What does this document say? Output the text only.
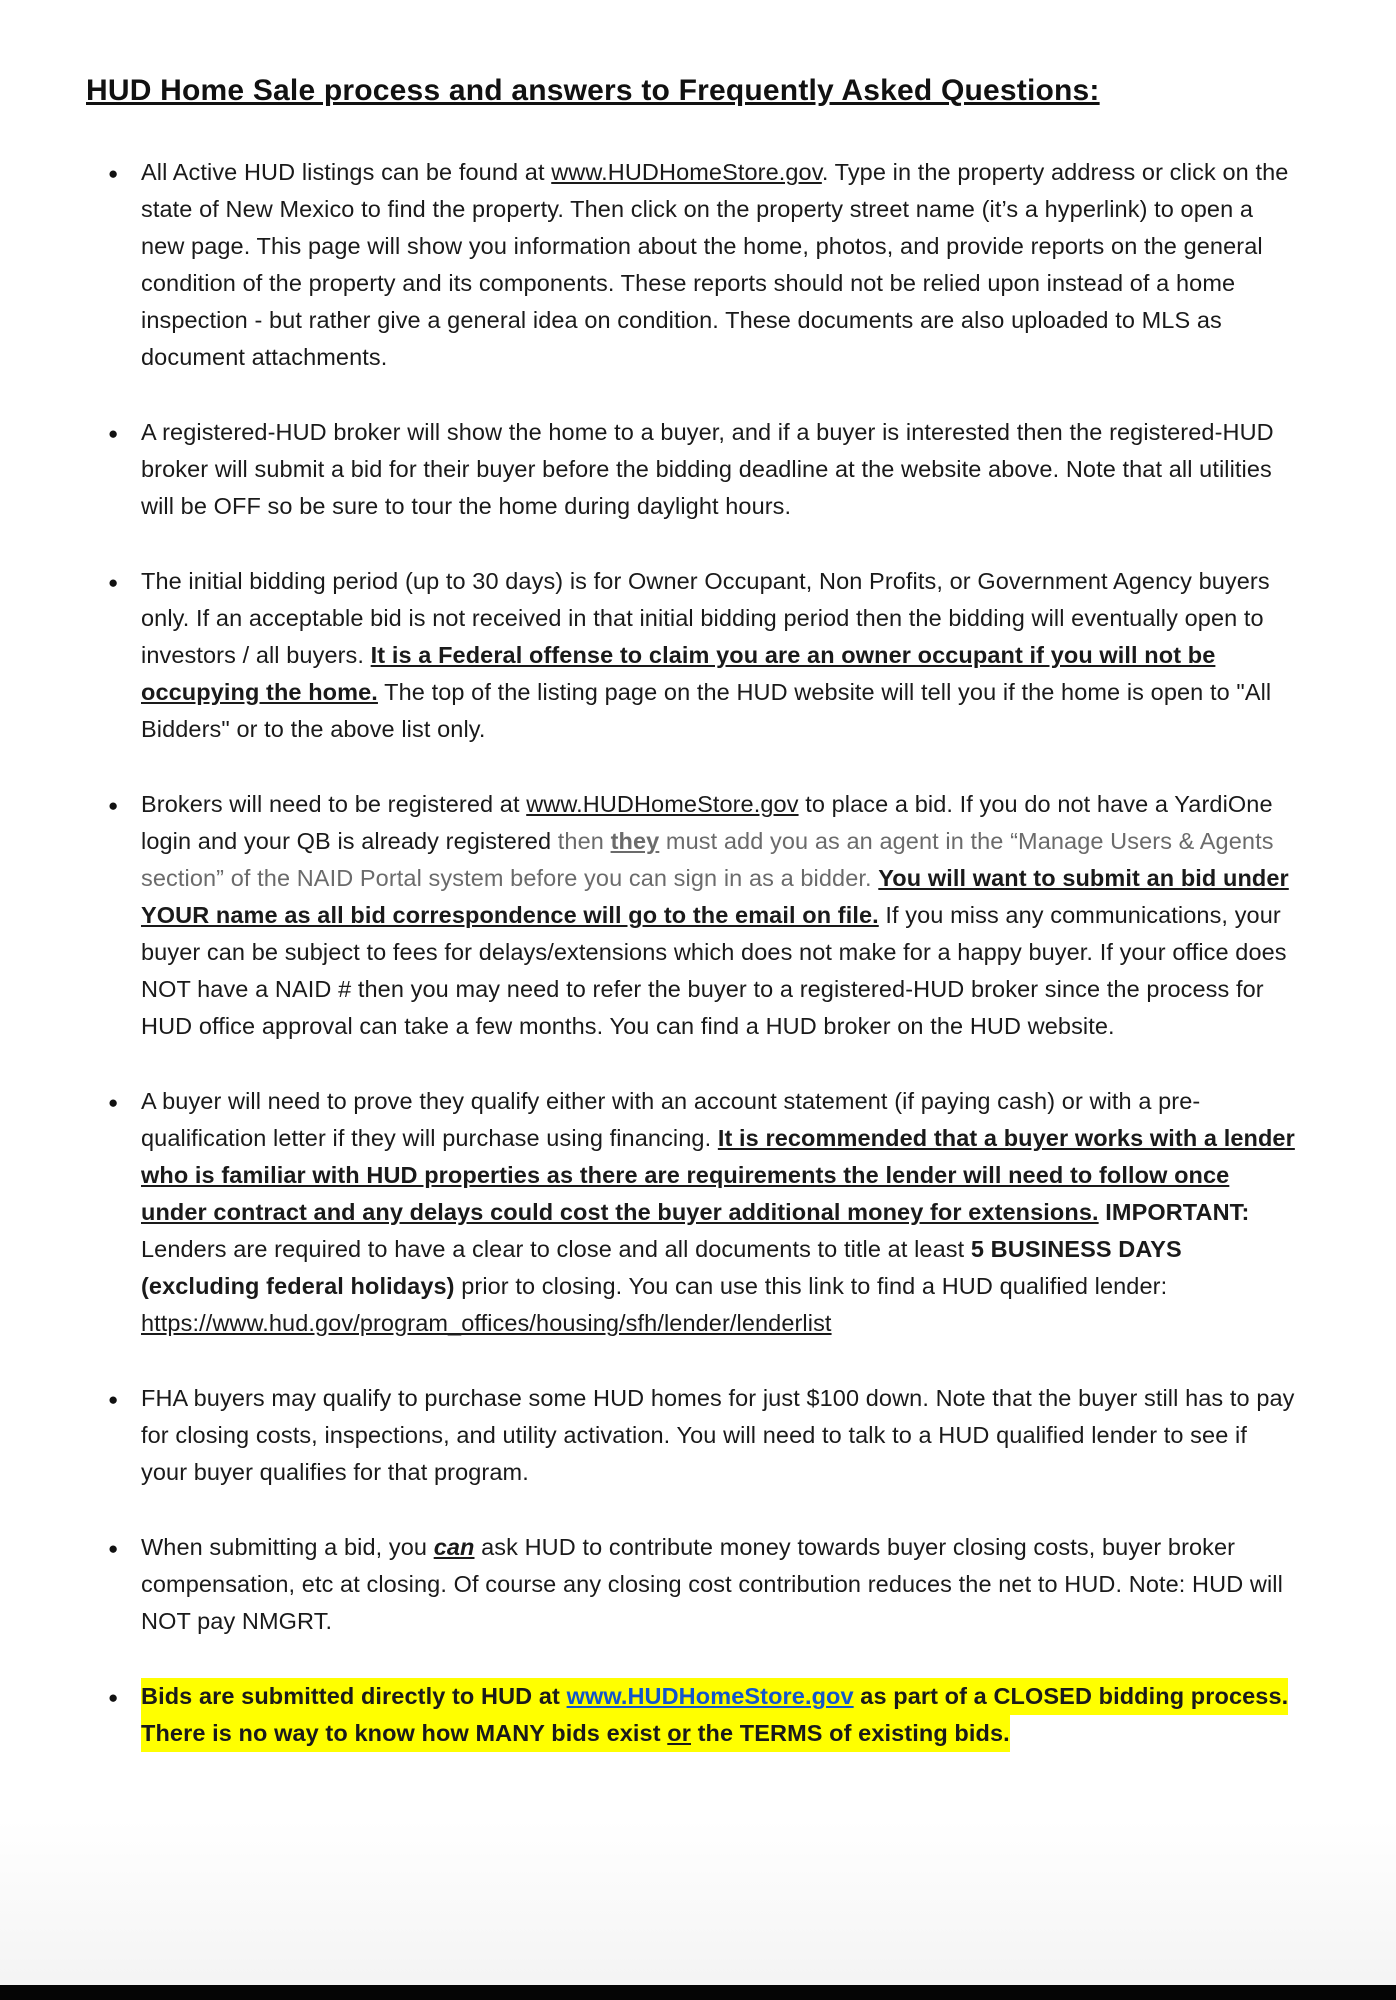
HUD Home Sale process and answers to Frequently Asked Questions:
● All Active HUD listings can be found at www.HUDHomeStore.gov. Type in the property address or click on the state of New Mexico to find the property. Then click on the property street name (it’s a hyperlink) to open a new page. This page will show you information about the home, photos, and provide reports on the general condition of the property and its components. These reports should not be relied upon instead of a home inspection - but rather give a general idea on condition. These documents are also uploaded to MLS as document attachments.
● A registered-HUD broker will show the home to a buyer, and if a buyer is interested then the registered-HUD broker will submit a bid for their buyer before the bidding deadline at the website above. Note that all utilities will be OFF so be sure to tour the home during daylight hours.
● The initial bidding period (up to 30 days) is for Owner Occupant, Non Profits, or Government Agency buyers only. If an acceptable bid is not received in that initial bidding period then the bidding will eventually open to investors / all buyers. It is a Federal offense to claim you are an owner occupant if you will not be occupying the home. The top of the listing page on the HUD website will tell you if the home is open to "All Bidders" or to the above list only.
● Brokers will need to be registered at www.HUDHomeStore.gov to place a bid. If you do not have a YardiOne login and your QB is already registered then they must add you as an agent in the “Manage Users & Agents section” of the NAID Portal system before you can sign in as a bidder. You will want to submit an bid under YOUR name as all bid correspondence will go to the email on file. If you miss any communications, your buyer can be subject to fees for delays/extensions which does not make for a happy buyer. If your office does NOT have a NAID # then you may need to refer the buyer to a registered-HUD broker since the process for HUD office approval can take a few months. You can find a HUD broker on the HUD website.
● A buyer will need to prove they qualify either with an account statement (if paying cash) or with a pre-qualification letter if they will purchase using financing. It is recommended that a buyer works with a lender who is familiar with HUD properties as there are requirements the lender will need to follow once under contract and any delays could cost the buyer additional money for extensions. IMPORTANT: Lenders are required to have a clear to close and all documents to title at least 5 BUSINESS DAYS (excluding federal holidays) prior to closing. You can use this link to find a HUD qualified lender: https://www.hud.gov/program_offices/housing/sfh/lender/lenderlist
● FHA buyers may qualify to purchase some HUD homes for just $100 down. Note that the buyer still has to pay for closing costs, inspections, and utility activation. You will need to talk to a HUD qualified lender to see if your buyer qualifies for that program.
● When submitting a bid, you can ask HUD to contribute money towards buyer closing costs, buyer broker compensation, etc at closing. Of course any closing cost contribution reduces the net to HUD. Note: HUD will NOT pay NMGRT.
● Bids are submitted directly to HUD at www.HUDHomeStore.gov as part of a CLOSED bidding process. There is no way to know how MANY bids exist or the TERMS of existing bids.
